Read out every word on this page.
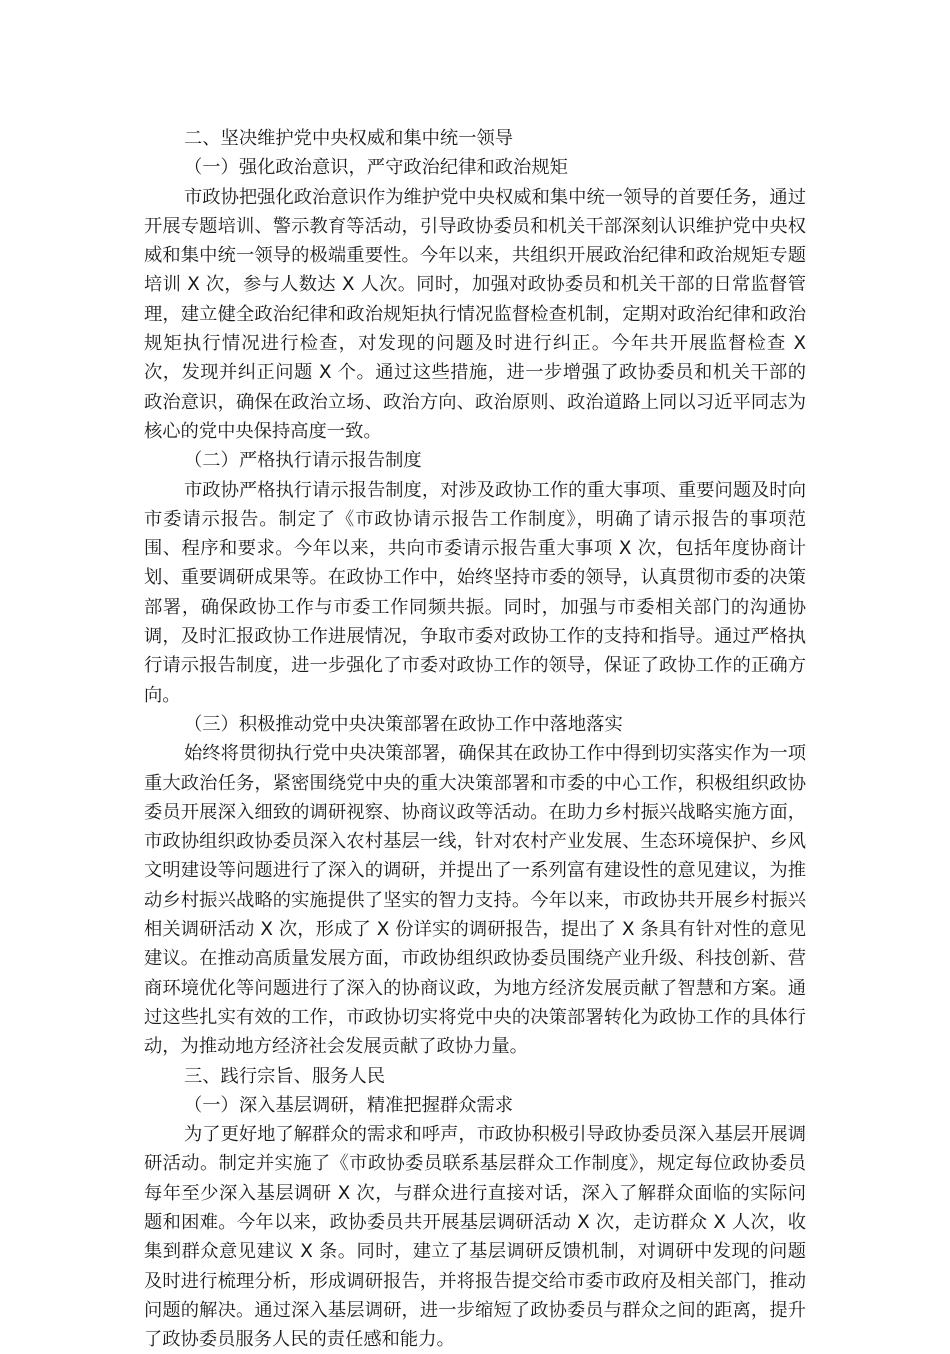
二、坚决维护党中央权威和集中统一领导
（一）强化政治意识，严守政治纪律和政治规矩

市政协把强化政治意识作为维护党中央权威和集中统一领导的首要任务，通过开展专题培训、警示教育等活动，引导政协委员和机关干部深刻认识维护党中央权威和集中统一领导的极端重要性。今年以来，共组织开展政治纪律和政治规矩专题培训 X 次，参与人数达 X 人次。同时，加强对政协委员和机关干部的日常监督管理，建立健全政治纪律和政治规矩执行情况监督检查机制，定期对政治纪律和政治规矩执行情况进行检查，对发现的问题及时进行纠正。今年共开展监督检查 X 次，发现并纠正问题 X 个。通过这些措施，进一步增强了政协委员和机关干部的政治意识，确保在政治立场、政治方向、政治原则、政治道路上同以习近平同志为核心的党中央保持高度一致。

（二）严格执行请示报告制度

市政协严格执行请示报告制度，对涉及政协工作的重大事项、重要问题及时向市委请示报告。制定了《市政协请示报告工作制度》，明确了请示报告的事项范围、程序和要求。今年以来，共向市委请示报告重大事项 X 次，包括年度协商计划、重要调研成果等。在政协工作中，始终坚持市委的领导，认真贯彻市委的决策部署，确保政协工作与市委工作同频共振。同时，加强与市委相关部门的沟通协调，及时汇报政协工作进展情况，争取市委对政协工作的支持和指导。通过严格执行请示报告制度，进一步强化了市委对政协工作的领导，保证了政协工作的正确方向。

（三）积极推动党中央决策部署在政协工作中落地落实

始终将贯彻执行党中央决策部署，确保其在政协工作中得到切实落实作为一项重大政治任务，紧密围绕党中央的重大决策部署和市委的中心工作，积极组织政协委员开展深入细致的调研视察、协商议政等活动。在助力乡村振兴战略实施方面，市政协组织政协委员深入农村基层一线，针对农村产业发展、生态环境保护、乡风文明建设等问题进行了深入的调研，并提出了一系列富有建设性的意见建议，为推动乡村振兴战略的实施提供了坚实的智力支持。今年以来，市政协共开展乡村振兴相关调研活动 X 次，形成了 X 份详实的调研报告，提出了 X 条具有针对性的意见建议。在推动高质量发展方面，市政协组织政协委员围绕产业升级、科技创新、营商环境优化等问题进行了深入的协商议政，为地方经济发展贡献了智慧和方案。通过这些扎实有效的工作，市政协切实将党中央的决策部署转化为政协工作的具体行动，为推动地方经济社会发展贡献了政协力量。

三、践行宗旨、服务人民
（一）深入基层调研，精准把握群众需求

为了更好地了解群众的需求和呼声，市政协积极引导政协委员深入基层开展调研活动。制定并实施了《市政协委员联系基层群众工作制度》，规定每位政协委员每年至少深入基层调研 X 次，与群众进行直接对话，深入了解群众面临的实际问题和困难。今年以来，政协委员共开展基层调研活动 X 次，走访群众 X 人次，收集到群众意见建议 X 条。同时，建立了基层调研反馈机制，对调研中发现的问题及时进行梳理分析，形成调研报告，并将报告提交给市委市政府及相关部门，推动问题的解决。通过深入基层调研，进一步缩短了政协委员与群众之间的距离，提升了政协委员服务人民的责任感和能力。
